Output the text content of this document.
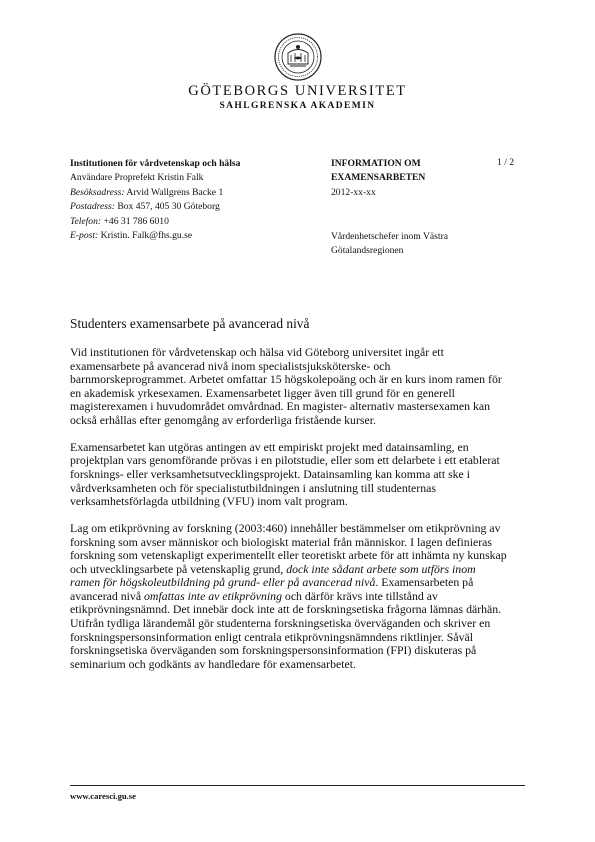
GÖTEBORGS UNIVERSITET
SAHLGRENSKA AKADEMIN
Institutionen för vårdvetenskap och hälsa
Användare Proprefekt Kristin Falk
Besöksadress: Arvid Wallgrens Backe 1
Postadress: Box 457, 405 30 Göteborg
Telefon: +46 31 786 6010
E-post: Kristin. Falk@fhs.gu.se
INFORMATION OM EXAMENSARBETEN
2012-xx-xx
1 / 2
Vårdenhetschefer inom Västra Götalandsregionen
Studenters examensarbete på avancerad nivå

Vid institutionen för vårdvetenskap och hälsa vid Göteborg universitet ingår ett examensarbete på avancerad nivå inom specialistsjuksköterske- och barnmorskeprogrammet. Arbetet omfattar 15 högskolepoäng och är en kurs inom ramen för en akademisk yrkesexamen. Examensarbetet ligger även till grund för en generell magisterexamen i huvudområdet omvårdnad. En magister- alternativ mastersexamen kan också erhållas efter genomgång av erforderliga fristående kurser.

Examensarbetet kan utgöras antingen av ett empiriskt projekt med datainsamling, en projektplan vars genomförande prövas i en pilotstudie, eller som ett delarbete i ett etablerat forsknings- eller verksamhetsutvecklingsprojekt. Datainsamling kan komma att ske i vårdverksamheten och för specialistutbildningen i anslutning till studenternas verksamhetsförlagda utbildning (VFU) inom valt program.

Lag om etikprövning av forskning (2003:460) innehåller bestämmelser om etikprövning av forskning som avser människor och biologiskt material från människor. I lagen definieras forskning som vetenskapligt experimentellt eller teoretiskt arbete för att inhämta ny kunskap och utvecklingsarbete på vetenskaplig grund, dock inte sådant arbete som utförs inom ramen för högskoleutbildning på grund- eller på avancerad nivå. Examensarbeten på avancerad nivå omfattas inte av etikprövning och därför krävs inte tillstånd av etikprövningsnämnd. Det innebär dock inte att de forskningsetiska frågorna lämnas därhän. Utifrån tydliga lärandemål gör studenterna forskningsetiska överväganden och skriver en forskningspersonsinformation enligt centrala etikprövningsnämndens riktlinjer. Såväl forskningsetiska överväganden som forskningspersonsinformation (FPI) diskuteras på seminarium och godkänts av handledare för examensarbetet.

www.caresci.gu.se
